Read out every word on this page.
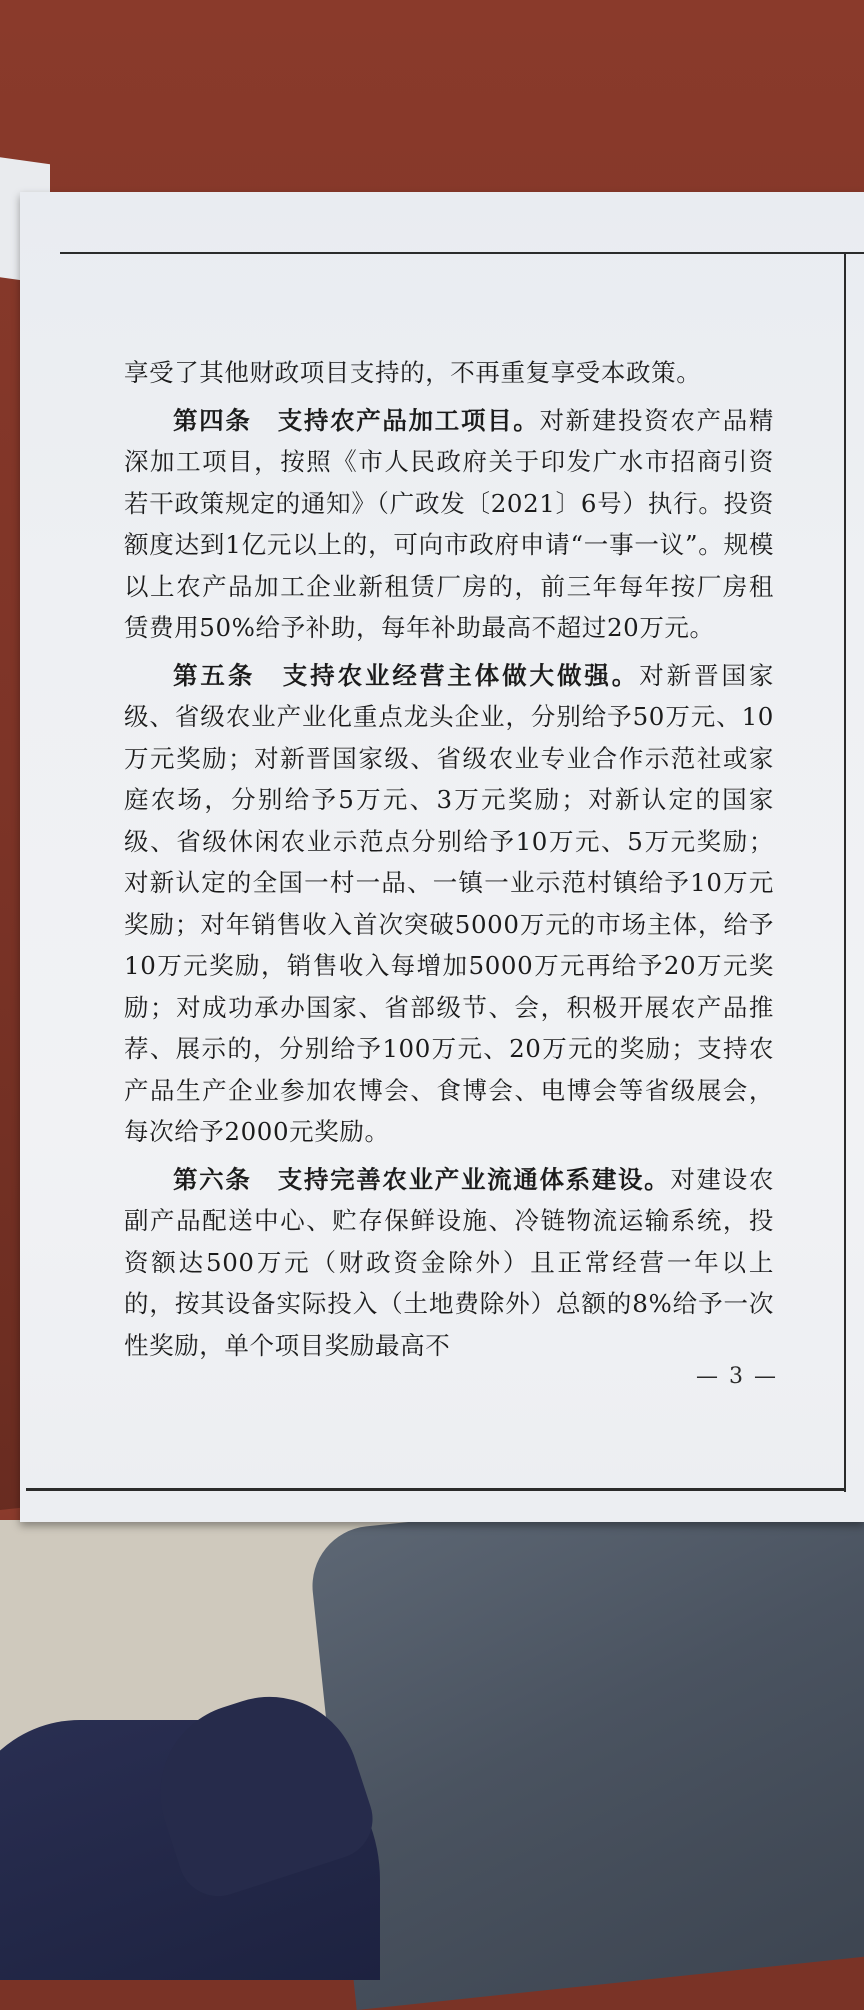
享受了其他财政项目支持的，不再重复享受本政策。

第四条　 支持农产品加工项目。对新建投资农产品精深加工项目，按照《市人民政府关于印发广水市招商引资若干政策规定的通知》（广政发〔2021〕6号）执行。投资额度达到1亿元以上的，可向市政府申请“一事一议”。规模以上农产品加工企业新租赁厂房的，前三年每年按厂房租赁费用50%给予补助，每年补助最高不超过20万元。

第五条　 支持农业经营主体做大做强。对新晋国家级、省级农业产业化重点龙头企业，分别给予50万元、10万元奖励；对新晋国家级、省级农业专业合作示范社或家庭农场，分别给予5万元、3万元奖励；对新认定的国家级、省级休闲农业示范点分别给予10万元、5万元奖励；对新认定的全国一村一品、一镇一业示范村镇给予10万元奖励；对年销售收入首次突破5000万元的市场主体，给予10万元奖励，销售收入每增加5000万元再给予20万元奖励；对成功承办国家、省部级节、会，积极开展农产品推荐、展示的，分别给予100万元、20万元的奖励；支持农产品生产企业参加农博会、食博会、电博会等省级展会，每次给予2000元奖励。

第六条　 支持完善农业产业流通体系建设。对建设农副产品配送中心、贮存保鲜设施、冷链物流运输系统，投资额达500万元（财政资金除外）且正常经营一年以上的，按其设备实际投入（土地费除外）总额的8%给予一次性奖励，单个项目奖励最高不

— 3 —
